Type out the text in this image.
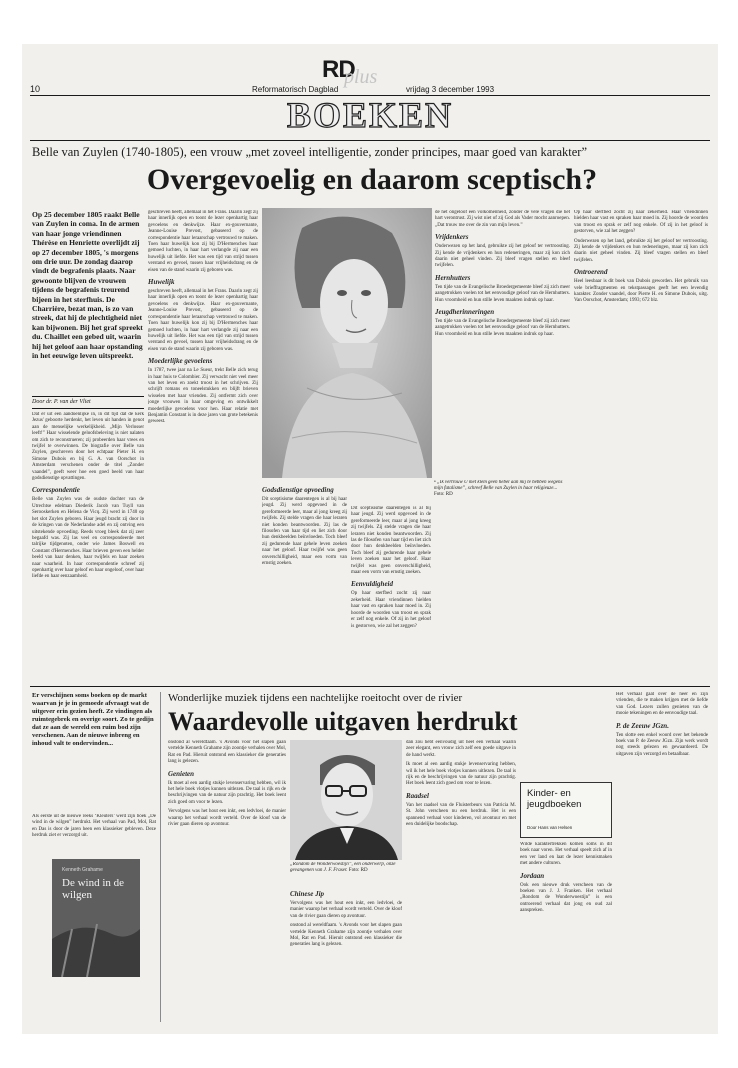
10
RD
plus
Reformatorisch Dagblad	vrijdag 3 december 1993
BOEKEN
Belle van Zuylen (1740-1805), een vrouw „met zoveel intelligentie, zonder principes, maar goed van karakter”
Overgevoelig en daarom sceptisch?
Op 25 december 1805 raakt Belle van Zuylen in coma. In de armen van haar jonge vriendinnen Thérèse en Henriette overlijdt zij op 27 december 1805, 's morgens om drie uur. De zondag daarop vindt de begrafenis plaats. Naar gewoonte blijven de vrouwen tijdens de begrafenis treurend bijeen in het sterfhuis. De Charrière, bezat man, is zo van streek, dat hij de plechtigheid niet kan bijwonen. Bij het graf spreekt du. Chaillet een gebed uit, waarin hij het geloof aan haar opstanding in het eeuwige leven uitspreekt.
Door dr. P. van der Vliet

Dat er uit een aandoenlijke in, in dit tijd dat de kerk Jezus' geboorte herdenkt, het leven uit handen in genot aan de menselijke werkelijkheid. „Mijn Verlosser leeft!” Haar wisselende geloofsbeleving is niet nalaten om zich te reconstrueren; zij probeerden haar vrees en twijfel te overwinnen. De biografie over Belle van Zuylen, geschreven door het echtpaar Pieter H. en Simone Dubois en bij G. A. van Oorschot in Amsterdam verschenen onder de titel „Zonder vaandel”, geeft weer hoe een goed beeld van haar godsdienstige opvattingen.

Correspondentie

Belle van Zuylen was de oudste dochter van de Utrechtse edelman Diederik Jacob van Tuyll van Serooskerken en Helena de Vicq. Zij werd in 1740 op het slot Zuylen geboren. Haar jeugd bracht zij door in de kringen van de Nederlandse adel en zij ontving een uitstekende opvoeding. Reeds vroeg bleek dat zij zeer begaafd was. Zij las veel en correspondeerde met talrijke tijdgenoten, onder wie James Boswell en Constant d'Hermenches. Haar brieven geven een helder beeld van haar denken, haar twijfels en haar zoeken naar waarheid. In haar correspondentie schreef zij openhartig over haar geloof en haar ongeloof, over haar liefde en haar eenzaamheid.

geschreven heeft, allemaal in het Frans. Daarin zegt zij haar innerlijk open en toont de lezer openhartig haar gevoelens en denkwijze. Haar ex-gouvernante, Jeanne-Louise Prevost, gebaseerd op de correspondentie haar leraarschap vertrouwd te maken. Toen haar huwelijk kon zij bij D'Hermenches haar gemoed luchten, in haar hart verlangde zij naar een huwelijk uit liefde. Het was een tijd van strijd tussen verstand en gevoel, tussen haar vrijheidsdrang en de eisen van de stand waarin zij geboren was.

Huwelijk

geschreven heeft, allemaal in het Frans. Daarin zegt zij haar innerlijk open en toont de lezer openhartig haar gevoelens en denkwijze. Haar ex-gouvernante, Jeanne-Louise Prevost, gebaseerd op de correspondentie haar leraarschap vertrouwd te maken. Toen haar huwelijk kon zij bij D'Hermenches haar gemoed luchten, in haar hart verlangde zij naar een huwelijk uit liefde. Het was een tijd van strijd tussen verstand en gevoel, tussen haar vrijheidsdrang en de eisen van de stand waarin zij geboren was.

Moederlijke gevoelens

In 1787, twee jaar na Le Sueur, trekt Belle zich terug in haar huis te Colombier. Zij verwacht niet veel meer van het leven en zoekt troost in het schrijven. Zij schrijft romans en toneelstukken en blijft brieven wisselen met haar vrienden. Zij ontfermt zich over jonge vrouwen in haar omgeving en ontwikkelt moederlijke gevoelens voor hen. Haar relatie met Benjamin Constant is in deze jaren van grote betekenis geweest.

• „Ik vertrouw U met klem geen hebel aan mij te hebben wegens mijn fatalisme”, schreef Belle van Zuylen in haar religieuze... Foto: RD
Godsdienstige opvoeding

Dit sceptisisme daarentegen is al bij haar jeugd. Zij werd opgevoed in de gereformeerde leer, maar al jong kreeg zij twijfels. Zij stelde vragen die haar leraren niet konden beantwoorden. Zij las de filosofen van haar tijd en liet zich door hun denkbeelden beïnvloeden. Toch bleef zij gedurende haar gehele leven zoeken naar het geloof. Haar twijfel was geen onverschilligheid, maar een vorm van ernstig zoeken.

Dit sceptisisme daarentegen is al bij haar jeugd. Zij werd opgevoed in de gereformeerde leer, maar al jong kreeg zij twijfels. Zij stelde vragen die haar leraren niet konden beantwoorden. Zij las de filosofen van haar tijd en liet zich door hun denkbeelden beïnvloeden. Toch bleef zij gedurende haar gehele leven zoeken naar het geloof. Haar twijfel was geen onverschilligheid, maar een vorm van ernstig zoeken.

Eenvuldigheid

Op haar sterfbed zocht zij naar zekerheid. Haar vriendinnen hielden haar vast en spraken haar moed in. Zij hoorde de woorden van troost en sprak er zelf nog enkele. Of zij in het geloof is gestorven, wie zal het zeggen?

de het ongeloof een volkomenheid, zonder de vele vragen die het hart verontrust. Zij wist niet of zij God als Vader mocht aanroepen. „Dat trouw me over de zin van mijn leven.”

Vrijdenkers

Onderwezen op het land, gebruikte zij het geloof ter vertroosting. Zij kende de vrijdenkers en hun redeneringen, maar zij kon zich daarin niet geheel vinden. Zij bleef vragen stellen en bleef twijfelen.

Hernhutters

Ten tijde van de Evangelische Broedergemeente bleef zij zich meer aangetrokken voelen tot het eenvoudige geloof van de Hernhutters. Hun vroomheid en hun stille leven maakten indruk op haar.

Jeugdherinneringen

Ten tijde van de Evangelische Broedergemeente bleef zij zich meer aangetrokken voelen tot het eenvoudige geloof van de Hernhutters. Hun vroomheid en hun stille leven maakten indruk op haar.

Op haar sterfbed zocht zij naar zekerheid. Haar vriendinnen hielden haar vast en spraken haar moed in. Zij hoorde de woorden van troost en sprak er zelf nog enkele. Of zij in het geloof is gestorven, wie zal het zeggen?

Onderwezen op het land, gebruikte zij het geloof ter vertroosting. Zij kende de vrijdenkers en hun redeneringen, maar zij kon zich daarin niet geheel vinden. Zij bleef vragen stellen en bleef twijfelen.

Ontroerend

Heel leesbaar is dit boek van Dubois geworden. Het gebruik van vele brieffragmenten en tekstpassages geeft het een levendig karakter. Zonder vaandel, door Pierre H. en Simone Dubois, uitg. Van Oorschot, Amsterdam; 1993; 672 blz.

Er verschijnen soms boeken op de markt waarvan je je in gemoede afvraagt wat de uitgever erin gezien heeft. Ze vindingen als ruimtegebrek en overige soort. Zo te gedijn dat ze aan de wereld een ruim bod zijn verschenen. Aan de nieuwe inbreng en inhoud valt te ondervinden...

Als eerste uit de nieuwe reeks ‘Kleuters’ werd zijn boek „De wind in de wilgen” herdrukt. Het verhaal van Pad, Mol, Rat en Das is door de jaren heen een klassieker gebleven. Deze herdruk ziet er verzorgd uit.

Kenneth Grahame
De wind in de wilgen
Wonderlijke muziek tijdens een nachtelijke roeitocht over de rivier
Waardevolle uitgaven herdrukt

onstond al wereldfaam. 's Avonds voor het slapen gaan vertelde Kenneth Grahame zijn zoontje verhalen over Mol, Rat en Pad. Hieruit ontstond een klassieker die generaties lang is gelezen.

Genieten

Ik moet al een aardig stukje levenservaring hebben, wil ik het hele boek vlotjes kunnen uitlezen. De taal is rijk en de beschrijvingen van de natuur zijn prachtig. Het boek leent zich goed om voor te lezen.

Vervolgens was het hout een inkt, een ledvloei, de manier waarop het verhaal wordt verteld. Over de kloof van de rivier gaan dieren op avontuur.

„Rondom de Wonderwoestijn”, een onderwerp, onze gevangenen van J. F. Fraser. Foto: RD
Chinese Jip

Vervolgens was het hout een inkt, een ledvloei, de manier waarop het verhaal wordt verteld. Over de kloof van de rivier gaan dieren op avontuur.

onstond al wereldfaam. 's Avonds voor het slapen gaan vertelde Kenneth Grahame zijn zoontje verhalen over Mol, Rat en Pad. Hieruit ontstond een klassieker die generaties lang is gelezen.

dan zou hebt eenvoudig uit heel een verhaal waarin zeer elegant, een vrouw zich zelf een goede uitgave in de hand werkt.

Ik moet al een aardig stukje levenservaring hebben, wil ik het hele boek vlotjes kunnen uitlezen. De taal is rijk en de beschrijvingen van de natuur zijn prachtig. Het boek leent zich goed om voor te lezen.

Raadsel

Van het raadsel van de Fluisterbeurs van Patricia M. St. John verscheen nu een herdruk. Het is een spannend verhaal voor kinderen, vol avontuur en met een duidelijke boodschap.

Kinder- en jeugdboeken
Door Hans van Helsen

Wilde karaktertrekken komen soms in dit boek naar voren. Het verhaal speelt zich af in een ver land en laat de lezer kennismaken met andere culturen.

Jordaan

Ook een nieuwe druk verscheen van de boeken van J. J. Franken. Het verhaal „Rondom de Wonderwoestijn” is een ontroerend verhaal dat jong en oud zal aanspreken.

Het verhaal gaat over de heer en zijn vrienden, die te maken krijgen met de liefde van God. Lezers zullen genieten van de mooie tekeningen en de eenvoudige taal.

P. de Zeeuw JGzn.

Ten slotte een enkel woord over het bekende boek van P. de Zeeuw JGzn. Zijn werk wordt nog steeds gelezen en gewaardeerd. De uitgaven zijn verzorgd en betaalbaar.
